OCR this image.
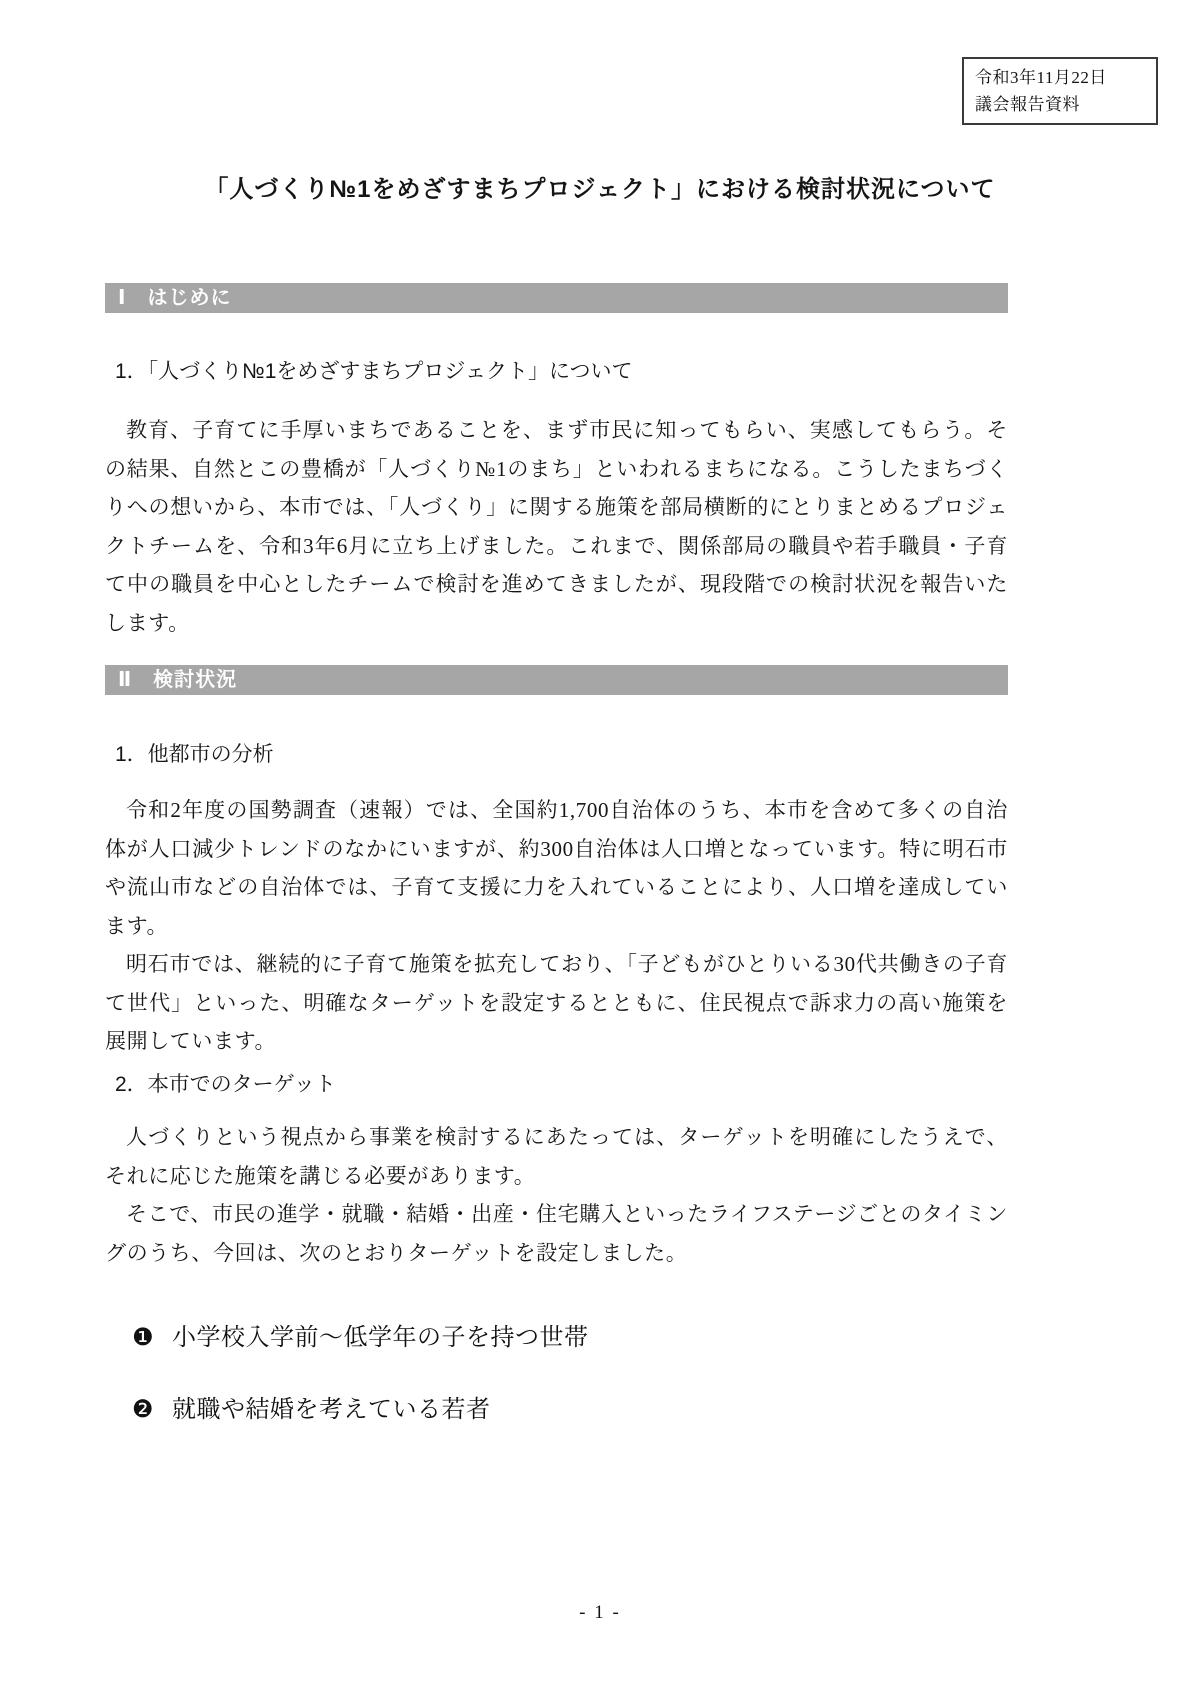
令和3年11月22日
議会報告資料
「人づくり№1をめざすまちプロジェクト」における検討状況について
Ⅰ　はじめに
1．「人づくり№1をめざすまちプロジェクト」について

教育、子育てに手厚いまちであることを、まず市民に知ってもらい、実感してもらう。その結果、自然とこの豊橋が「人づくり№1のまち」といわれるまちになる。こうしたまちづくりへの想いから、本市では、「人づくり」に関する施策を部局横断的にとりまとめるプロジェクトチームを、令和3年6月に立ち上げました。これまで、関係部局の職員や若手職員・子育て中の職員を中心としたチームで検討を進めてきましたが、現段階での検討状況を報告いたします。

Ⅱ　検討状況
1．他都市の分析

令和2年度の国勢調査（速報）では、全国約1,700自治体のうち、本市を含めて多くの自治体が人口減少トレンドのなかにいますが、約300自治体は人口増となっています。特に明石市や流山市などの自治体では、子育て支援に力を入れていることにより、人口増を達成しています。

明石市では、継続的に子育て施策を拡充しており、「子どもがひとりいる30代共働きの子育て世代」といった、明確なターゲットを設定するとともに、住民視点で訴求力の高い施策を展開しています。

2．本市でのターゲット

人づくりという視点から事業を検討するにあたっては、ターゲットを明確にしたうえで、それに応じた施策を講じる必要があります。

そこで、市民の進学・就職・結婚・出産・住宅購入といったライフステージごとのタイミングのうち、今回は、次のとおりターゲットを設定しました。

❶ 小学校入学前～低学年の子を持つ世帯
❷ 就職や結婚を考えている若者
- 1 -
